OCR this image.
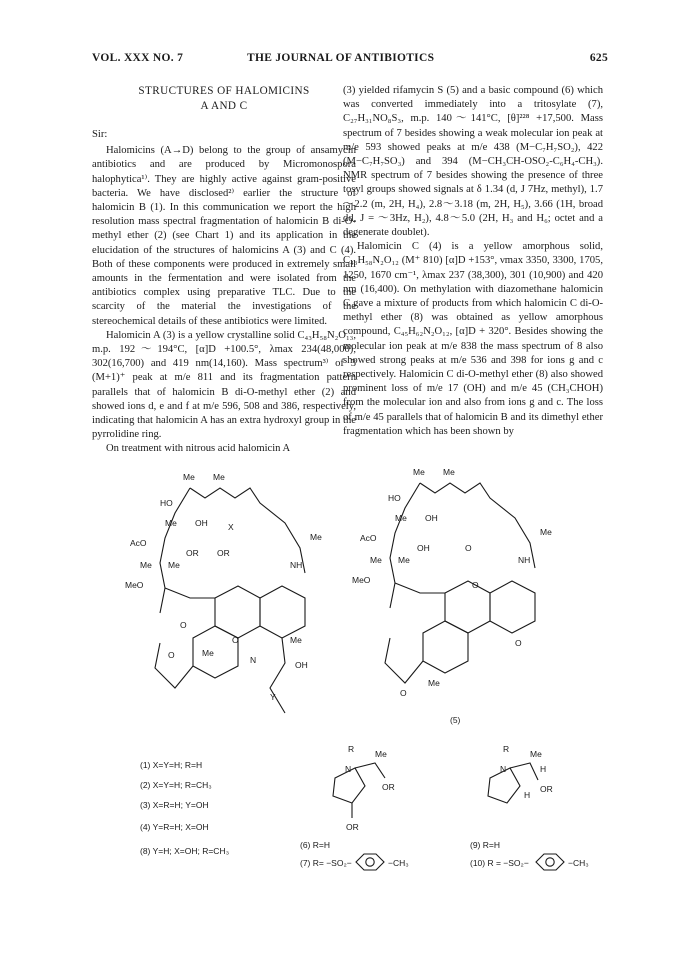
VOL. XXX NO. 7	THE JOURNAL OF ANTIBIOTICS	625

STRUCTURES OF HALOMICINS

A AND C

Sir:

Halomicins (A→D) belong to the group of ansamycin antibiotics and are produced by Micromonospora halophytica¹⁾. They are highly active against gram-positive bacteria. We have disclosed²⁾ earlier the structure of halomicin B (1). In this communication we report the high resolution mass spectral fragmentation of halomicin B di-O-methyl ether (2) (see Chart 1) and its application in the elucidation of the structures of halomicins A (3) and C (4). Both of these components were produced in extremely small amounts in the fermentation and were isolated from the antibiotics complex using preparative TLC. Due to the scarcity of the material the investigations of the stereochemical details of these antibiotics were limited.

Halomicin A (3) is a yellow crystalline solid C₄₃H₅₈N₂O₁₃, m.p. 192～194°C, [α]D +100.5°, λmax 234(48,000), 302(16,700) and 419 nm(14,160). Mass spectrum³⁾ of 3 (M+1)⁺ peak at m/e 811 and its fragmentation pattern parallels that of halomicin B di-O-methyl ether (2) and showed ions d, e and f at m/e 596, 508 and 386, respectively, indicating that halomicin A has an extra hydroxyl group in the pyrrolidine ring.

On treatment with nitrous acid halomicin A

(3) yielded rifamycin S (5) and a basic compound (6) which was converted immediately into a tritosylate (7), C₂₇H₃₁NO₈S₃, m.p. 140～141°C, [θ]²²⁸ +17,500. Mass spectrum of 7 besides showing a weak molecular ion peak at m/e 593 showed peaks at m/e 438 (M−C₇H₇SO₂), 422 (M−C₇H₇SO₃) and 394 (M−CH₃CH-OSO₂-C₆H₄-CH₃). NMR spectrum of 7 besides showing the presence of three tosyl groups showed signals at δ 1.34 (d, J 7Hz, methyl), 1.7～2.2 (m, 2H, H₄), 2.8～3.18 (m, 2H, H₅), 3.66 (1H, broad dd, J = ～3Hz, H₂), 4.8～5.0 (2H, H₃ and H₆; octet and a degenerate doublet).

Halomicin C (4) is a yellow amorphous solid, C₄₃H₅₈N₂O₁₂ (M⁺ 810) [α]D +153°, νmax 3350, 3300, 1705, 1250, 1670 cm⁻¹, λmax 237 (38,300), 301 (10,900) and 420 nm (16,400). On methylation with diazomethane halomicin C gave a mixture of products from which halomicin C di-O-methyl ether (8) was obtained as yellow amorphous compound, C₄₅H₆₂N₂O₁₂, [α]D + 320°. Besides showing the molecular ion peak at m/e 838 the mass spectrum of 8 also showed strong peaks at m/e 536 and 398 for ions g and c respectively. Halomicin C di-O-methyl ether (8) also showed prominent loss of m/e 17 (OH) and m/e 45 (CH₃CHOH) from the molecular ion and also from ions g and c. The loss of m/e 45 parallels that of halomicin B and its dimethyl ether fragmentation which has been shown by

Me Me
HO
Me OH X
AcO
OR OR
Me
Me Me	NH
MeO
O
O
O
Me
N
Me
OH
Y
Me Me
HO
Me OH
AcO
OH	O
Me
Me Me	NH
MeO	O
O
O
Me
(5)
(1) X=Y=H; R=H
(2) X=Y=H; R=CH₃
(3) X=R=H; Y=OH
(4) Y=R=H; X=OH
(8) Y=H; X=OH; R=CH₃
R
N
Me
OR
OR
(6) R=H
(7) R= −SO₂−	−CH₃
R
N
Me
H
H
OR
(9) R=H
(10) R = −SO₂−	−CH₃
